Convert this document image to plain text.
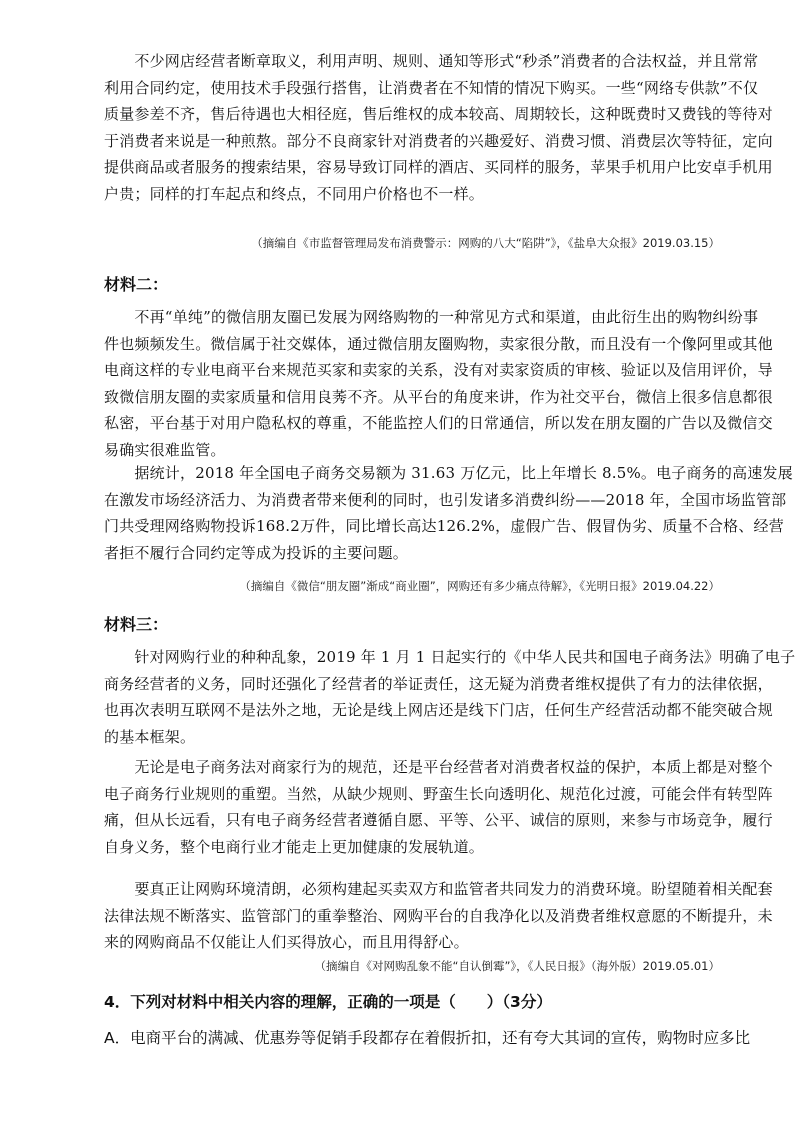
　　不少网店经营者断章取义，利用声明、规则、通知等形式“秒杀”消费者的合法权益，并且常常
利用合同约定，使用技术手段强行搭售，让消费者在不知情的情况下购买。一些“网络专供款”不仅
质量参差不齐，售后待遇也大相径庭，售后维权的成本较高、周期较长，这种既费时又费钱的等待对
于消费者来说是一种煎熬。部分不良商家针对消费者的兴趣爱好、消费习惯、消费层次等特征，定向
提供商品或者服务的搜索结果，容易导致订同样的酒店、买同样的服务，苹果手机用户比安卓手机用
户贵；同样的打车起点和终点，不同用户价格也不一样。
（摘编自《市监督管理局发布消费警示：网购的八大“陷阱”》，《盐阜大众报》2019.03.15）
材料二：
　　不再“单纯”的微信朋友圈已发展为网络购物的一种常见方式和渠道，由此衍生出的购物纠纷事
件也频频发生。微信属于社交媒体，通过微信朋友圈购物，卖家很分散，而且没有一个像阿里或其他
电商这样的专业电商平台来规范买家和卖家的关系，没有对卖家资质的审核、验证以及信用评价，导
致微信朋友圈的卖家质量和信用良莠不齐。从平台的角度来讲，作为社交平台，微信上很多信息都很
私密，平台基于对用户隐私权的尊重，不能监控人们的日常通信，所以发在朋友圈的广告以及微信交
易确实很难监管。
　　据统计，2018 年全国电子商务交易额为 31.63 万亿元，比上年增长 8.5%。电子商务的高速发展
在激发市场经济活力、为消费者带来便利的同时，也引发诸多消费纠纷——2018 年，全国市场监管部
门共受理网络购物投诉168.2万件，同比增长高达126.2%，虚假广告、假冒伪劣、质量不合格、经营
者拒不履行合同约定等成为投诉的主要问题。
（摘编自《微信“朋友圈”渐成“商业圈”，网购还有多少痛点待解》，《光明日报》2019.04.22）
材料三：
　　针对网购行业的种种乱象，2019 年 1 月 1 日起实行的《中华人民共和国电子商务法》明确了电子
商务经营者的义务，同时还强化了经营者的举证责任，这无疑为消费者维权提供了有力的法律依据，
也再次表明互联网不是法外之地，无论是线上网店还是线下门店，任何生产经营活动都不能突破合规
的基本框架。
　　无论是电子商务法对商家行为的规范，还是平台经营者对消费者权益的保护，本质上都是对整个
电子商务行业规则的重塑。当然，从缺少规则、野蛮生长向透明化、规范化过渡，可能会伴有转型阵
痛，但从长远看，只有电子商务经营者遵循自愿、平等、公平、诚信的原则，来参与市场竞争，履行
自身义务，整个电商行业才能走上更加健康的发展轨道。
　　要真正让网购环境清朗，必须构建起买卖双方和监管者共同发力的消费环境。盼望随着相关配套
法律法规不断落实、监管部门的重拳整治、网购平台的自我净化以及消费者维权意愿的不断提升，未
来的网购商品不仅能让人们买得放心，而且用得舒心。
（摘编自《对网购乱象不能“自认倒霉”》，《人民日报》（海外版）2019.05.01）
4．下列对材料中相关内容的理解，正确的一项是（　　）（3分）
A．电商平台的满减、优惠券等促销手段都存在着假折扣，还有夸大其词的宣传，购物时应多比
